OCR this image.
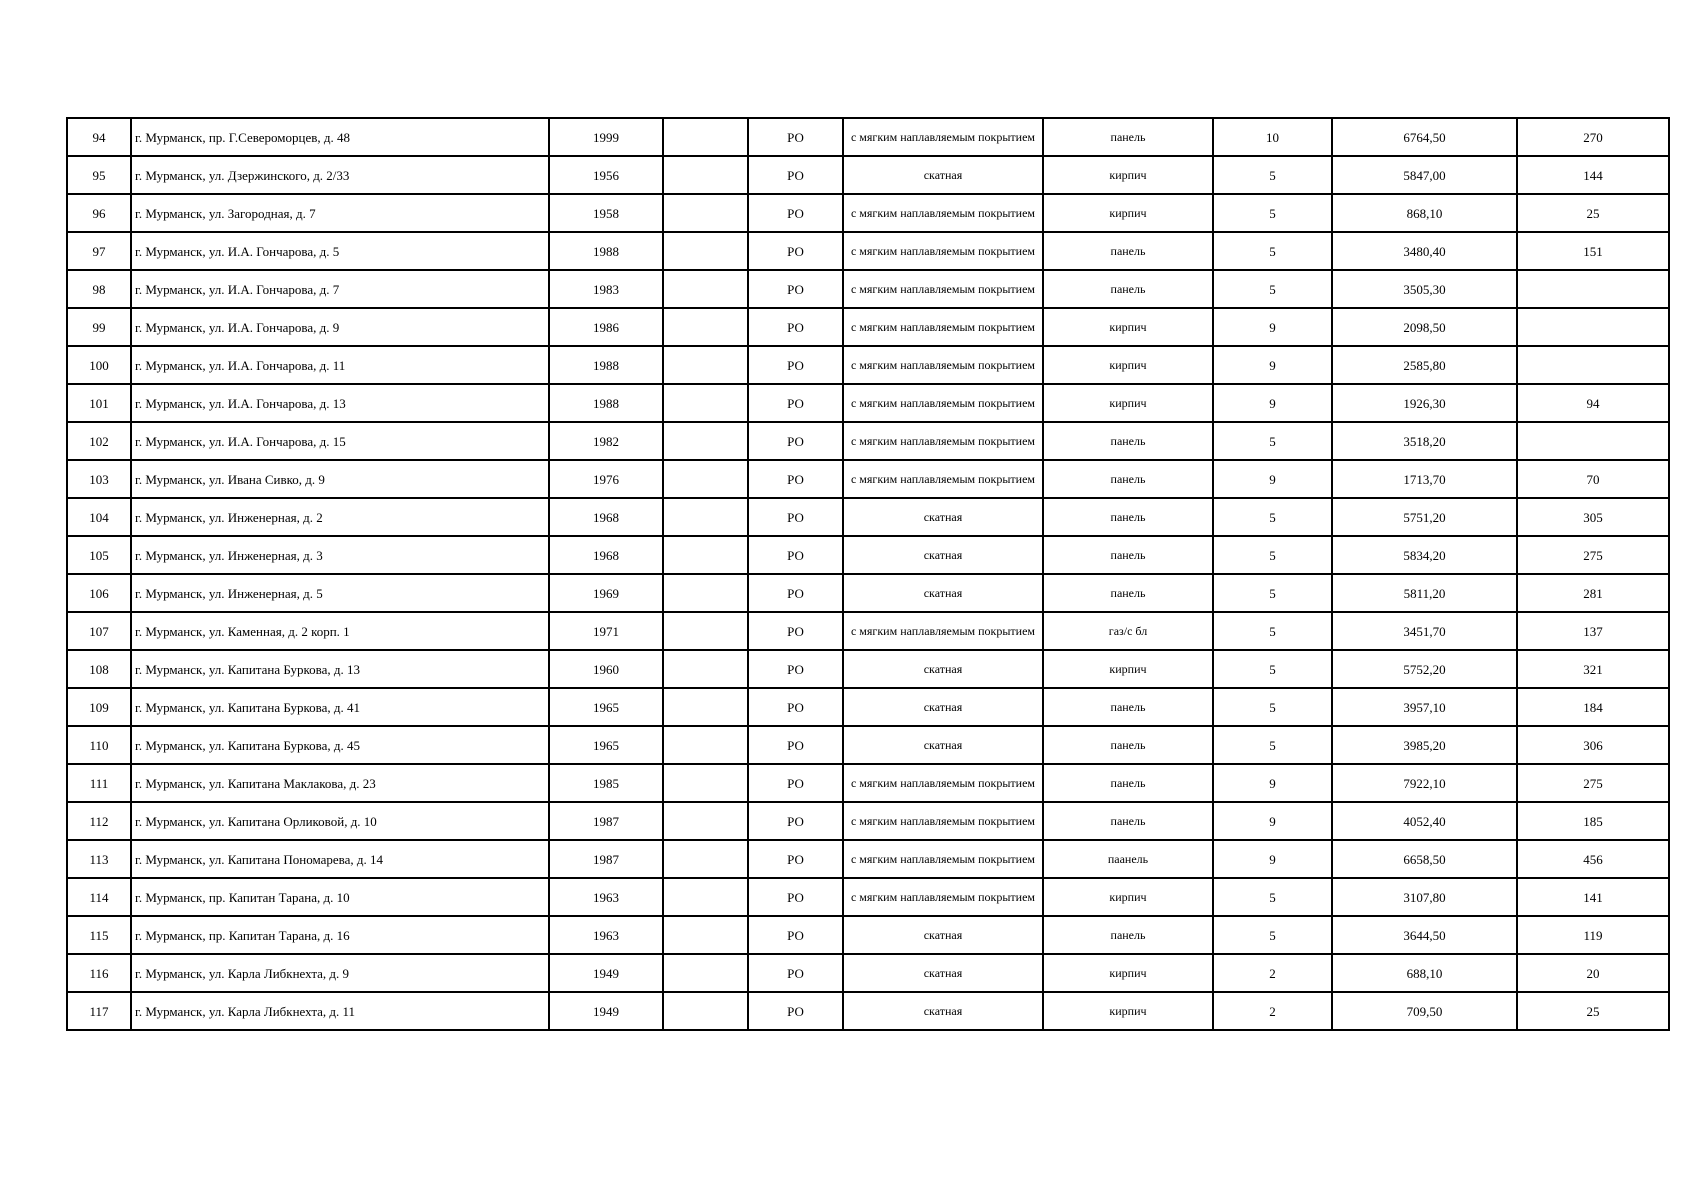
94	г. Мурманск, пр. Г.Североморцев, д. 48	1999		РО	с мягким наплавляемым покрытием	панель	10	6764,50	270
95	г. Мурманск, ул. Дзержинского, д. 2/33	1956		РО	скатная	кирпич	5	5847,00	144
96	г. Мурманск, ул. Загородная, д. 7	1958		РО	с мягким наплавляемым покрытием	кирпич	5	868,10	25
97	г. Мурманск, ул. И.А. Гончарова, д. 5	1988		РО	с мягким наплавляемым покрытием	панель	5	3480,40	151
98	г. Мурманск, ул. И.А. Гончарова, д. 7	1983		РО	с мягким наплавляемым покрытием	панель	5	3505,30	
99	г. Мурманск, ул. И.А. Гончарова, д. 9	1986		РО	с мягким наплавляемым покрытием	кирпич	9	2098,50	
100	г. Мурманск, ул. И.А. Гончарова, д. 11	1988		РО	с мягким наплавляемым покрытием	кирпич	9	2585,80	
101	г. Мурманск, ул. И.А. Гончарова, д. 13	1988		РО	с мягким наплавляемым покрытием	кирпич	9	1926,30	94
102	г. Мурманск, ул. И.А. Гончарова, д. 15	1982		РО	с мягким наплавляемым покрытием	панель	5	3518,20	
103	г. Мурманск, ул. Ивана Сивко, д. 9	1976		РО	с мягким наплавляемым покрытием	панель	9	1713,70	70
104	г. Мурманск, ул. Инженерная, д. 2	1968		РО	скатная	панель	5	5751,20	305
105	г. Мурманск, ул. Инженерная, д. 3	1968		РО	скатная	панель	5	5834,20	275
106	г. Мурманск, ул. Инженерная, д. 5	1969		РО	скатная	панель	5	5811,20	281
107	г. Мурманск, ул. Каменная, д. 2 корп. 1	1971		РО	с мягким наплавляемым покрытием	газ/с бл	5	3451,70	137
108	г. Мурманск, ул. Капитана Буркова, д. 13	1960		РО	скатная	кирпич	5	5752,20	321
109	г. Мурманск, ул. Капитана Буркова, д. 41	1965		РО	скатная	панель	5	3957,10	184
110	г. Мурманск, ул. Капитана Буркова, д. 45	1965		РО	скатная	панель	5	3985,20	306
111	г. Мурманск, ул. Капитана Маклакова, д. 23	1985		РО	с мягким наплавляемым покрытием	панель	9	7922,10	275
112	г. Мурманск, ул. Капитана Орликовой, д. 10	1987		РО	с мягким наплавляемым покрытием	панель	9	4052,40	185
113	г. Мурманск, ул. Капитана Пономарева, д. 14	1987		РО	с мягким наплавляемым покрытием	паанель	9	6658,50	456
114	г. Мурманск, пр. Капитан Тарана, д. 10	1963		РО	с мягким наплавляемым покрытием	кирпич	5	3107,80	141
115	г. Мурманск, пр. Капитан Тарана, д. 16	1963		РО	скатная	панель	5	3644,50	119
116	г. Мурманск, ул. Карла Либкнехта, д. 9	1949		РО	скатная	кирпич	2	688,10	20
117	г. Мурманск, ул. Карла Либкнехта, д. 11	1949		РО	скатная	кирпич	2	709,50	25
